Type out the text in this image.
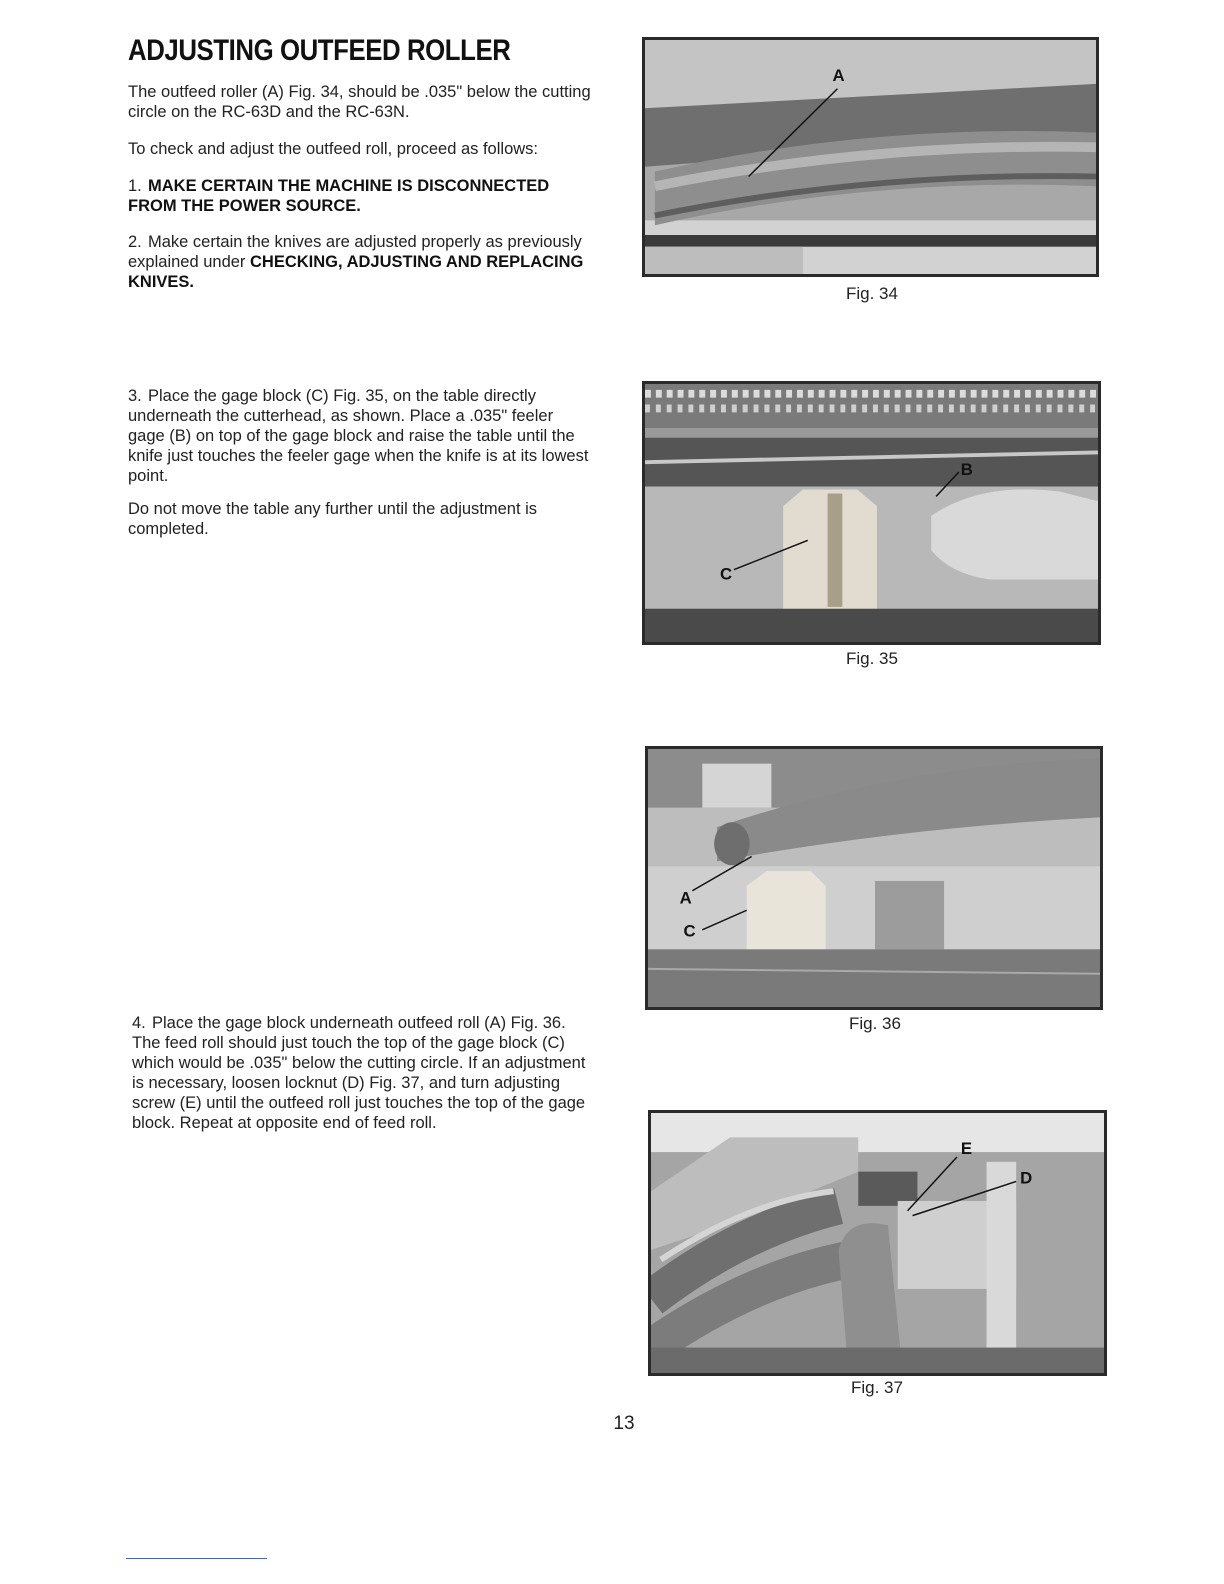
ADJUSTING OUTFEED ROLLER

The outfeed roller (A) Fig. 34, should be .035" below the cutting circle on the RC-63D and the RC-63N.

To check and adjust the outfeed roll, proceed as follows:

1. MAKE CERTAIN THE MACHINE IS DISCONNECTED FROM THE POWER SOURCE.

2. Make certain the knives are adjusted properly as previously explained under CHECKING, ADJUSTING AND REPLACING KNIVES.

3. Place the gage block (C) Fig. 35, on the table directly underneath the cutterhead, as shown. Place a .035" feeler gage (B) on top of the gage block and raise the table until the knife just touches the feeler gage when the knife is at its lowest point.

Do not move the table any further until the adjustment is completed.

4. Place the gage block underneath outfeed roll (A) Fig. 36. The feed roll should just touch the top of the gage block (C) which would be .035" below the cutting circle. If an adjustment is necessary, loosen locknut (D) Fig. 37, and turn adjusting screw (E) until the outfeed roll just touches the top of the gage block. Repeat at opposite end of feed roll.

A
Fig. 34
B
C
Fig. 35
A
C
Fig. 36
E
D
Fig. 37
13
